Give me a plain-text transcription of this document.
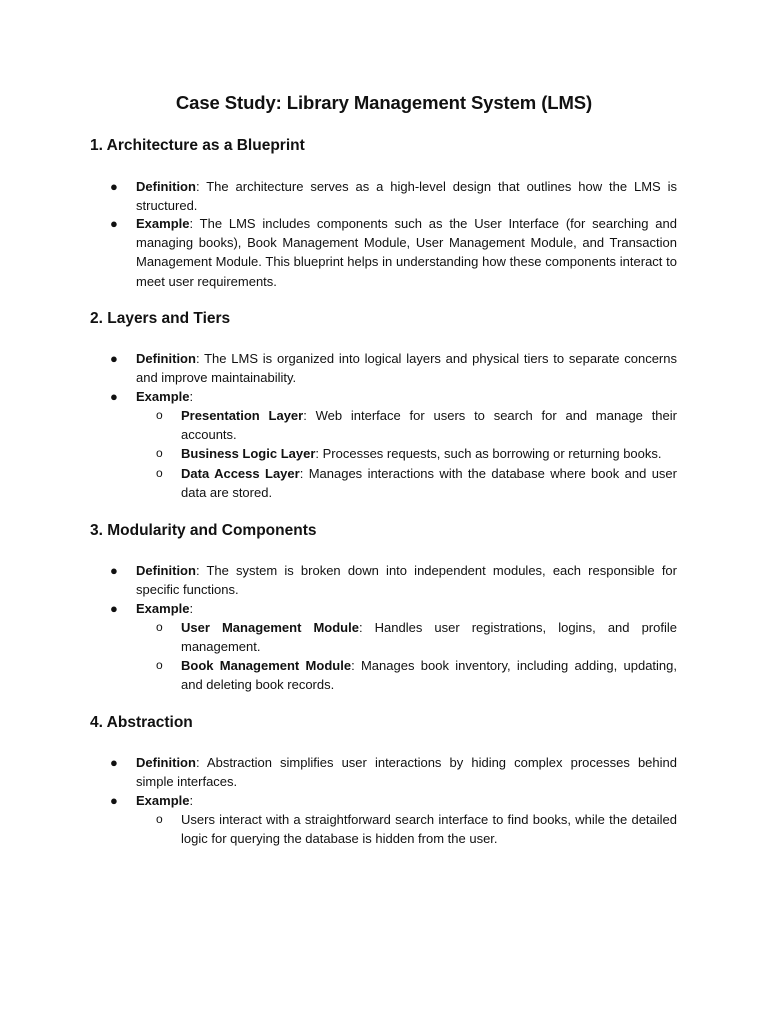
Case Study: Library Management System (LMS)
1. Architecture as a Blueprint
● Definition: The architecture serves as a high-level design that outlines how the LMS is structured.
● Example: The LMS includes components such as the User Interface (for searching and managing books), Book Management Module, User Management Module, and Transaction Management Module. This blueprint helps in understanding how these components interact to meet user requirements.
2. Layers and Tiers
● Definition: The LMS is organized into logical layers and physical tiers to separate concerns and improve maintainability.
● Example:
o Presentation Layer: Web interface for users to search for and manage their accounts.
o Business Logic Layer: Processes requests, such as borrowing or returning books.
o Data Access Layer: Manages interactions with the database where book and user data are stored.
3. Modularity and Components
● Definition: The system is broken down into independent modules, each responsible for specific functions.
● Example:
o User Management Module: Handles user registrations, logins, and profile management.
o Book Management Module: Manages book inventory, including adding, updating, and deleting book records.
4. Abstraction
● Definition: Abstraction simplifies user interactions by hiding complex processes behind simple interfaces.
● Example:
o Users interact with a straightforward search interface to find books, while the detailed logic for querying the database is hidden from the user.
